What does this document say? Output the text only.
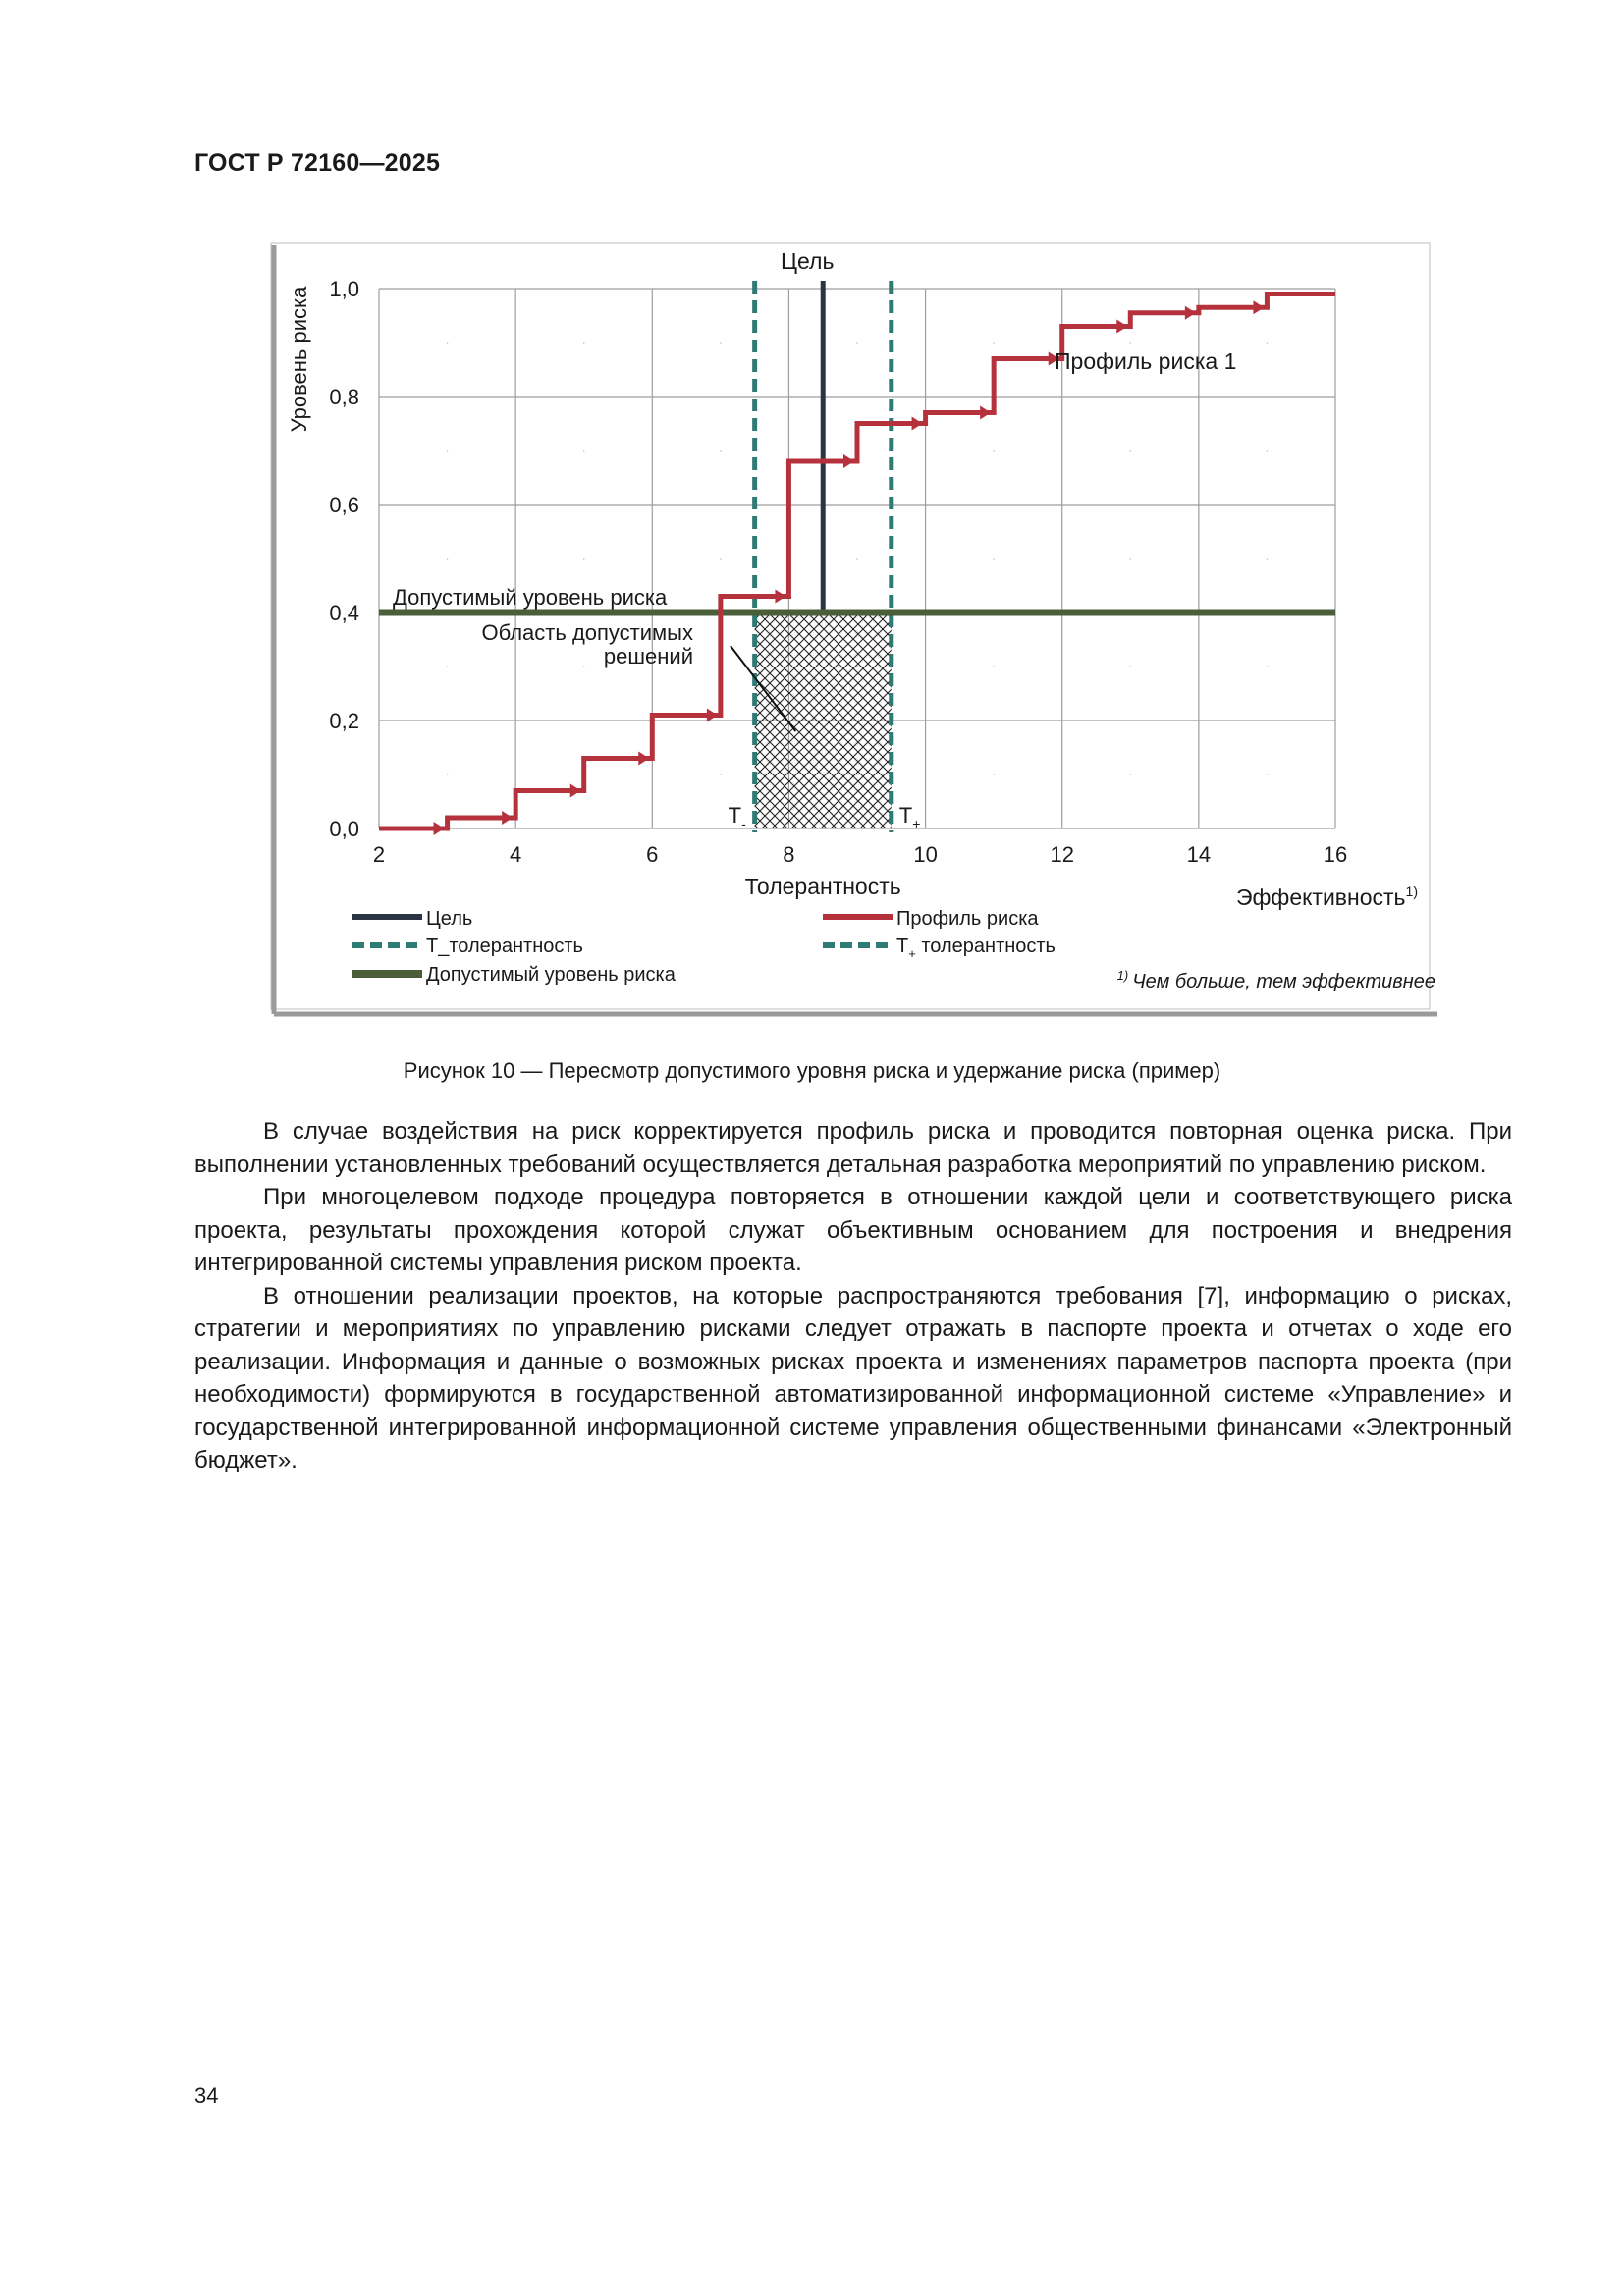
ГОСТ Р 72160—2025
0,0
0,2
0,4
0,6
0,8
1,0
2	4	6	8	10	12	14	16
Уровень риска
Цель
Профиль риска 1
Допустимый уровень риска
Область допустимых
решений
$Т_-$	$Т_+$
Толерантность	Эффективность$^{1)}$
Цель
Т_толерантность
Допустимый уровень риска
Профиль риска
$Т_+$ толерантность
$^{1)}$ Чем больше, тем эффективнее
Рисунок 10 — Пересмотр допустимого уровня риска и удержание риска (пример)

В случае воздействия на риск корректируется профиль риска и проводится повторная оценка риска. При выполнении установленных требований осуществляется детальная разработка мероприятий по управлению риском.

При многоцелевом подходе процедура повторяется в отношении каждой цели и соответствующего риска проекта, результаты прохождения которой служат объективным основанием для построения и внедрения интегрированной системы управления риском проекта.

В отношении реализации проектов, на которые распространяются требования [7], информацию о рисках, стратегии и мероприятиях по управлению рисками следует отражать в паспорте проекта и отчетах о ходе его реализации. Информация и данные о возможных рисках проекта и изменениях параметров паспорта проекта (при необходимости) формируются в государственной автоматизированной информационной системе «Управление» и государственной интегрированной информационной системе управления общественными финансами «Электронный бюджет».

34
